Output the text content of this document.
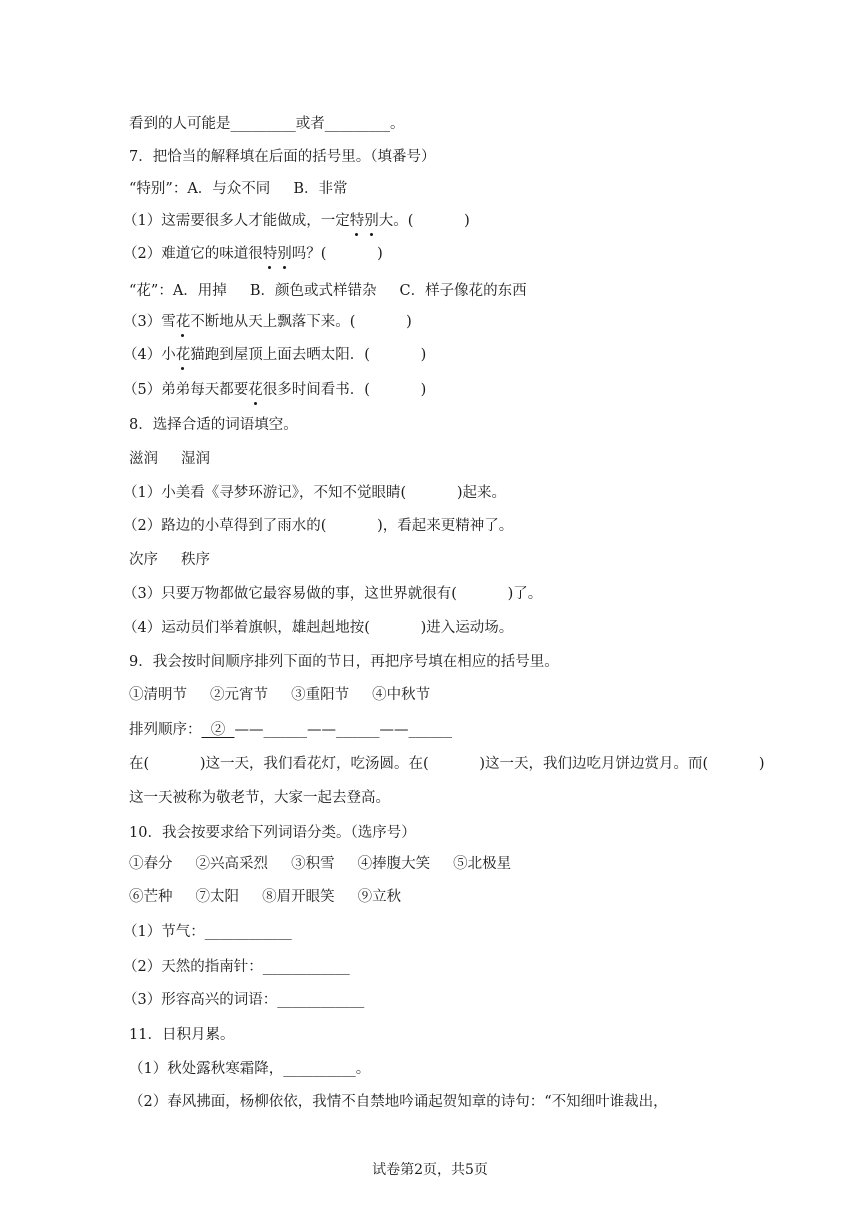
看到的人可能是_________或者_________。
7．把恰当的解释填在后面的括号里。（填番号）
“特别”：A．与众不同     B．非常
（1）这需要很多人才能做成，一定特别大。(           )
（2）难道它的味道很特别吗？(           )
“花”：A．用掉     B．颜色或式样错杂     C．样子像花的东西
（3）雪花不断地从天上飘落下来。(           )
（4）小花猫跑到屋顶上面去晒太阳．(           )
（5）弟弟每天都要花很多时间看书．(           )
8．选择合适的词语填空。
滋润     湿润
（1）小美看《寻梦环游记》，不知不觉眼睛(           )起来。
（2）路边的小草得到了雨水的(           )，看起来更精神了。
次序     秩序
（3）只要万物都做它最容易做的事，这世界就很有(           )了。
（4）运动员们举着旗帜，雄赳赳地按(           )进入运动场。
9．我会按时间顺序排列下面的节日，再把序号填在相应的括号里。
①清明节     ②元宵节     ③重阳节     ④中秋节
排列顺序：  ②  ——______——______——______
在(           )这一天，我们看花灯，吃汤圆。在(           )这一天，我们边吃月饼边赏月。而(           )
这一天被称为敬老节，大家一起去登高。
10．我会按要求给下列词语分类。（选序号）
①春分     ②兴高采烈     ③积雪     ④捧腹大笑     ⑤北极星
⑥芒种     ⑦太阳     ⑧眉开眼笑     ⑨立秋
（1）节气：____________
（2）天然的指南针：____________
（3）形容高兴的词语：____________
11．日积月累。
（1）秋处露秋寒霜降，__________。
（2）春风拂面，杨柳依依，我情不自禁地吟诵起贺知章的诗句：“不知细叶谁裁出，
试卷第2页，共5页
